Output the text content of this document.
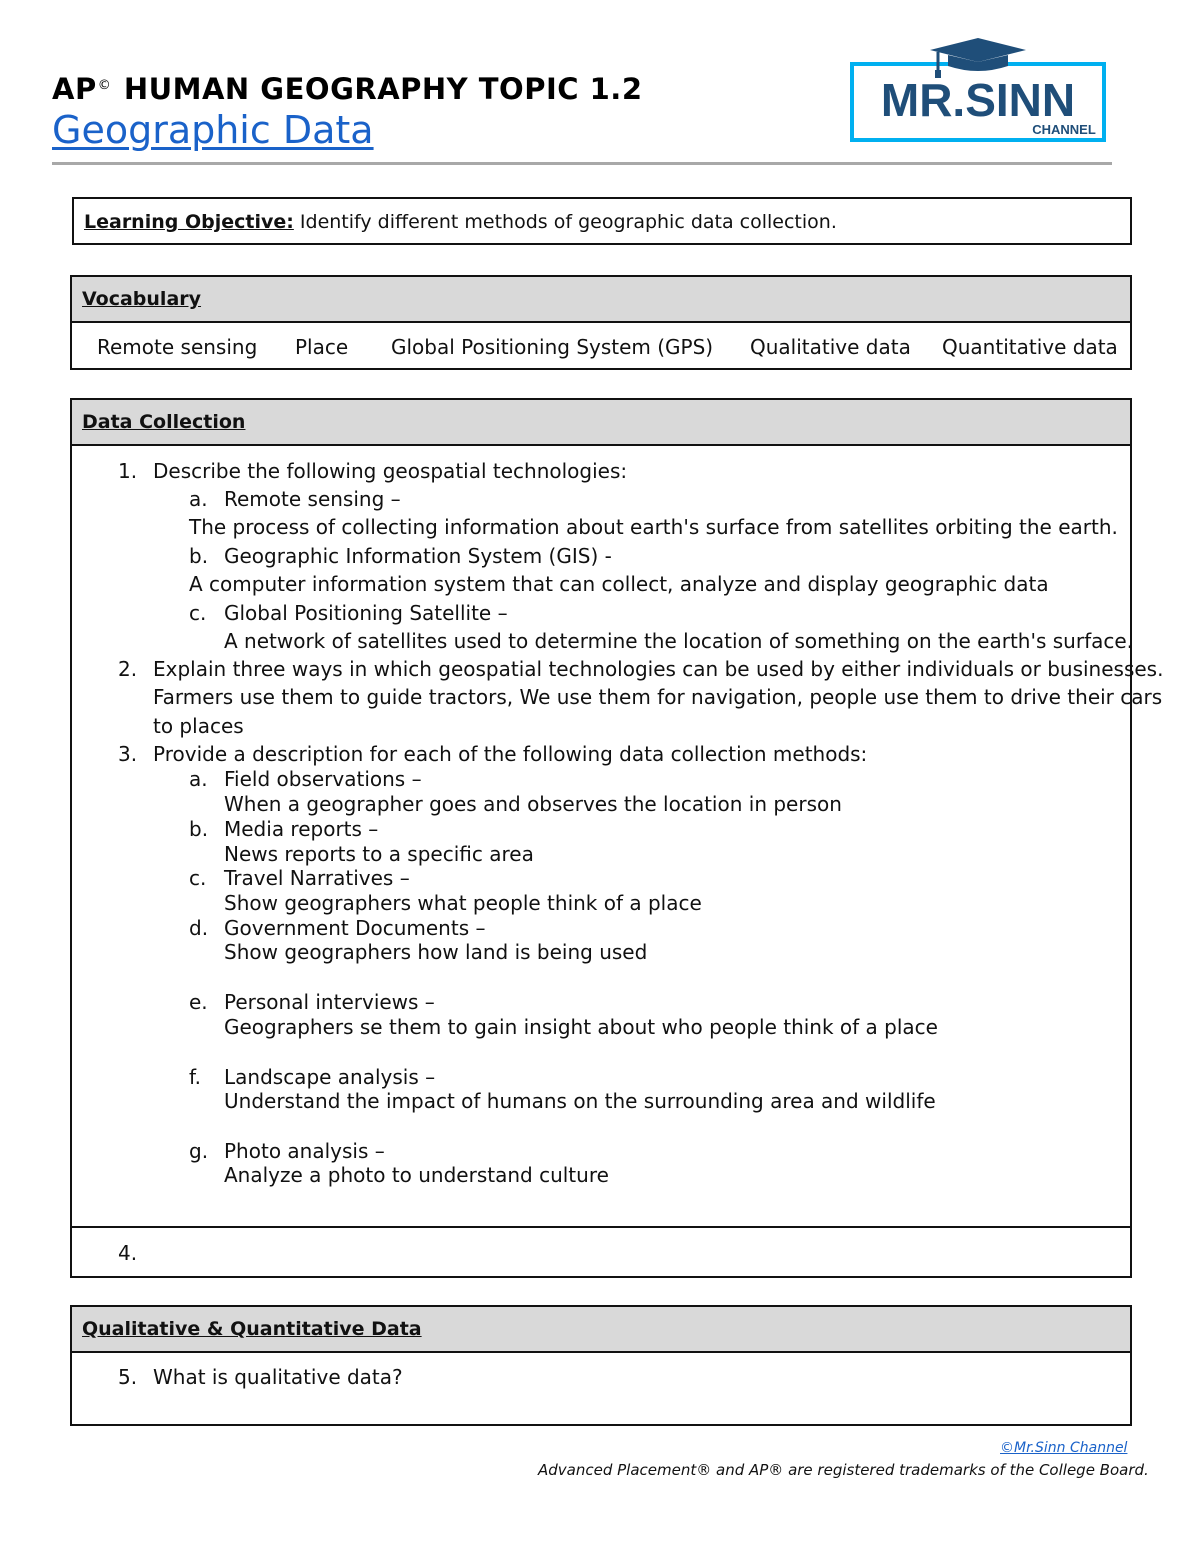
AP© HUMAN GEOGRAPHY TOPIC 1.2
Geographic Data
MR.SINN
CHANNEL
Learning Objective: Identify different methods of geographic data collection.
Vocabulary
Remote sensing Place Global Positioning System (GPS) Qualitative data Quantitative data
Data Collection
1. Describe the following geospatial technologies:
a. Remote sensing –
The process of collecting information about earth's surface from satellites orbiting the earth.
b. Geographic Information System (GIS) -
A computer information system that can collect, analyze and display geographic data
c. Global Positioning Satellite –
A network of satellites used to determine the location of something on the earth's surface.
2. Explain three ways in which geospatial technologies can be used by either individuals or businesses.
Farmers use them to guide tractors, We use them for navigation, people use them to drive their cars
to places
3. Provide a description for each of the following data collection methods:
a. Field observations –
When a geographer goes and observes the location in person
b. Media reports –
News reports to a specific area
c. Travel Narratives –
Show geographers what people think of a place
d. Government Documents –
Show geographers how land is being used
e. Personal interviews –
Geographers se them to gain insight about who people think of a place
f. Landscape analysis –
Understand the impact of humans on the surrounding area and wildlife
g. Photo analysis –
Analyze a photo to understand culture
4.
Qualitative & Quantitative Data
5. What is qualitative data?
©Mr.Sinn Channel
Advanced Placement® and AP® are registered trademarks of the College Board.
